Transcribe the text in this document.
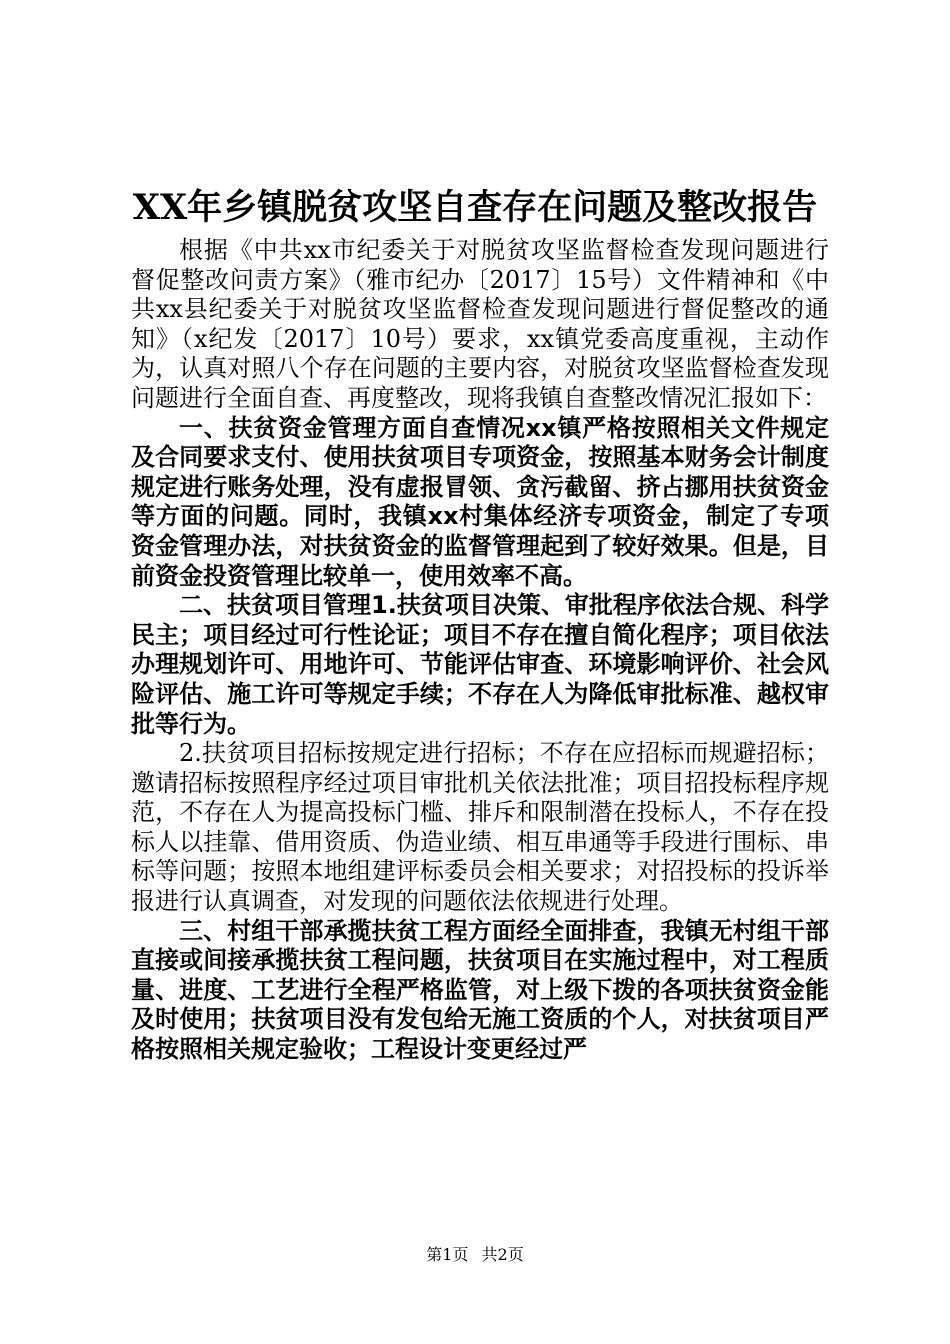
XX年乡镇脱贫攻坚自查存在问题及整改报告

根据《中共xx市纪委关于对脱贫攻坚监督检查发现问题进行督促整改问责方案》（雅市纪办〔2017〕15号）文件精神和《中共xx县纪委关于对脱贫攻坚监督检查发现问题进行督促整改的通知》（x纪发〔2017〕10号）要求，xx镇党委高度重视，主动作为，认真对照八个存在问题的主要内容，对脱贫攻坚监督检查发现问题进行全面自查、再度整改，现将我镇自查整改情况汇报如下：

一、扶贫资金管理方面自查情况xx镇严格按照相关文件规定及合同要求支付、使用扶贫项目专项资金，按照基本财务会计制度规定进行账务处理，没有虚报冒领、贪污截留、挤占挪用扶贫资金等方面的问题。同时，我镇xx村集体经济专项资金，制定了专项资金管理办法，对扶贫资金的监督管理起到了较好效果。但是，目前资金投资管理比较单一，使用效率不高。

二、扶贫项目管理1.扶贫项目决策、审批程序依法合规、科学民主；项目经过可行性论证；项目不存在擅自简化程序；项目依法办理规划许可、用地许可、节能评估审查、环境影响评价、社会风险评估、施工许可等规定手续；不存在人为降低审批标准、越权审批等行为。

2.扶贫项目招标按规定进行招标；不存在应招标而规避招标；邀请招标按照程序经过项目审批机关依法批准；项目招投标程序规范，不存在人为提高投标门槛、排斥和限制潜在投标人，不存在投标人以挂靠、借用资质、伪造业绩、相互串通等手段进行围标、串标等问题；按照本地组建评标委员会相关要求；对招投标的投诉举报进行认真调查，对发现的问题依法依规进行处理。

三、村组干部承揽扶贫工程方面经全面排查，我镇无村组干部直接或间接承揽扶贫工程问题，扶贫项目在实施过程中，对工程质量、进度、工艺进行全程严格监管，对上级下拨的各项扶贫资金能及时使用；扶贫项目没有发包给无施工资质的个人，对扶贫项目严格按照相关规定验收；工程设计变更经过严

第1页 共2页
